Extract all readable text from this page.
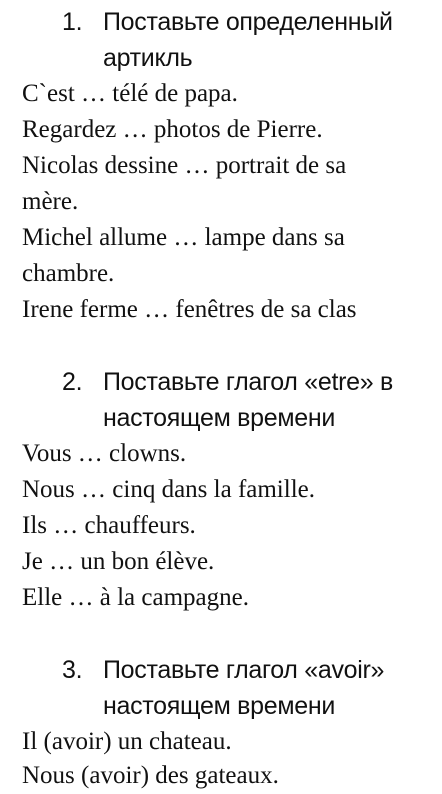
1. Поставьте определенный
артикль
C`est … télé de papa.
Regardez … photos de Pierre.
Nicolas dessine … portrait de sa
mère.
Michel allume … lampe dans sa
chambre.
Irene ferme … fenêtres de sa clas
2. Поставьте глагол «etre» в
настоящем времени
Vous … clowns.
Nous … cinq dans la famille.
Ils … chauffeurs.
Je … un bon élève.
Elle … à la campagne.
3. Поставьте глагол «avoir»
настоящем времени
Il (avoir) un chateau.
Nous (avoir) des gateaux.
